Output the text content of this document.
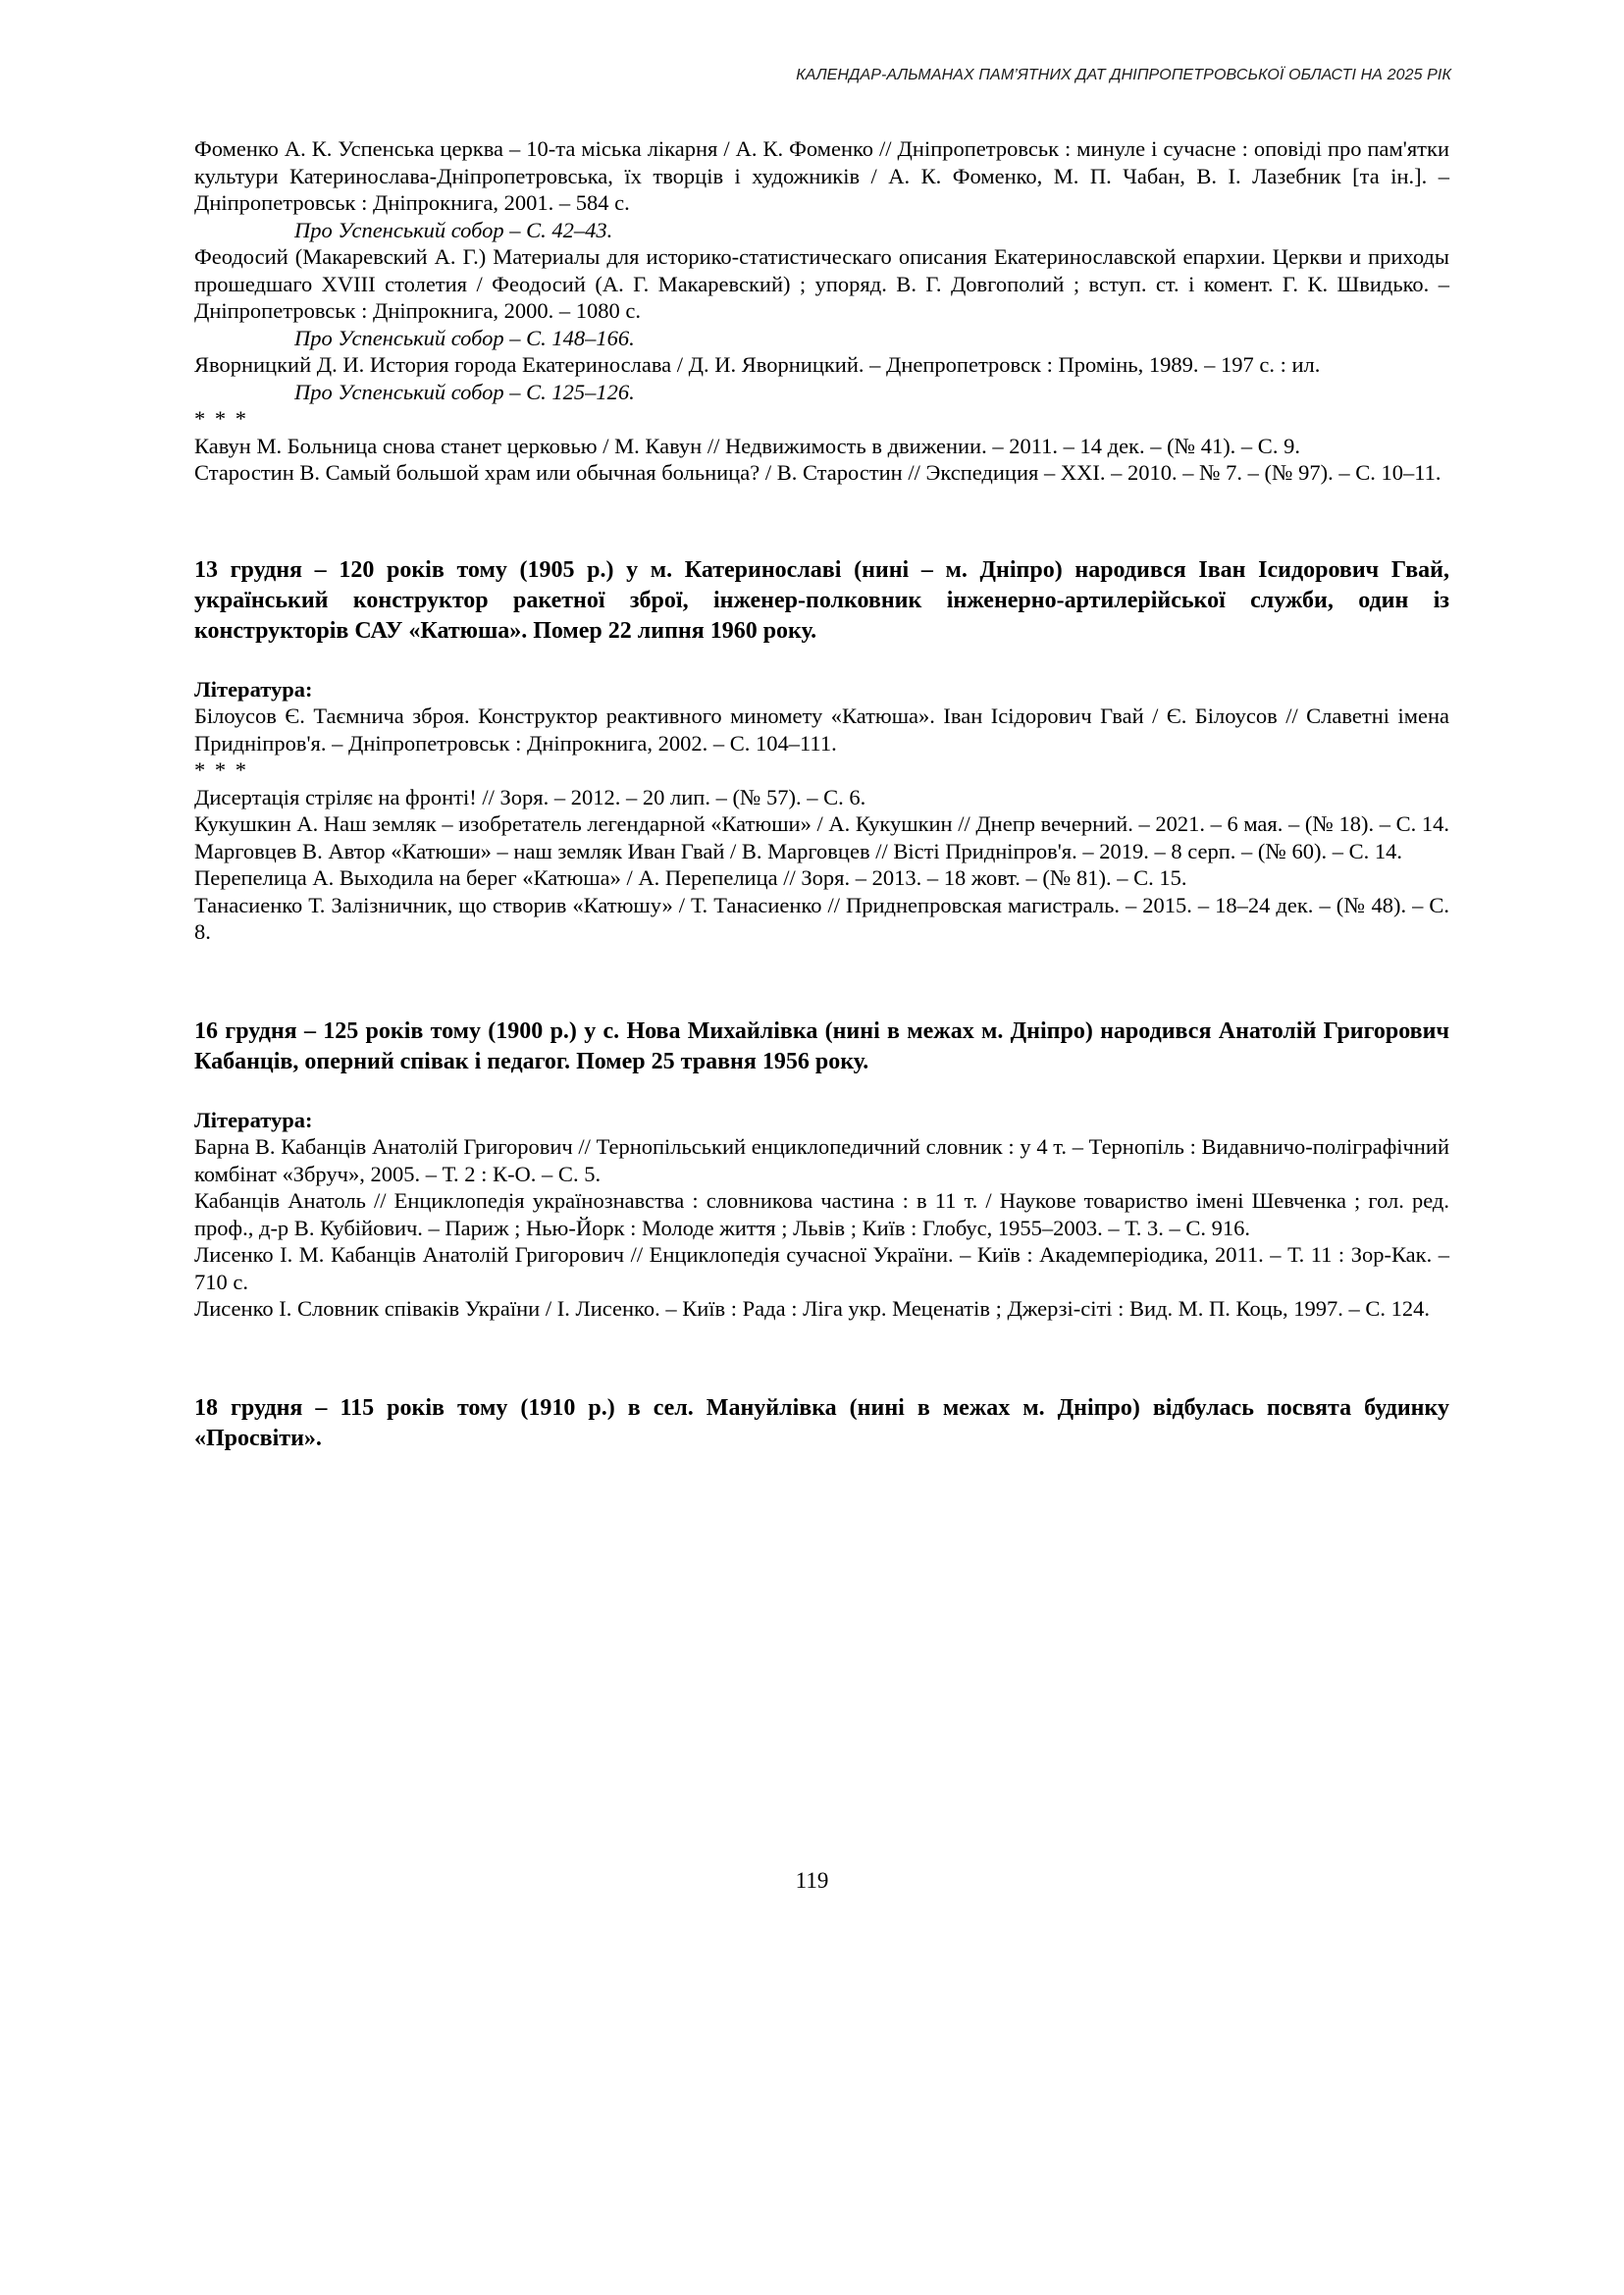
КАЛЕНДАР-АЛЬМАНАХ ПАМ’ЯТНИХ ДАТ ДНІПРОПЕТРОВСЬКОЇ ОБЛАСТІ НА 2025 РІК

Фоменко А. К. Успенська церква – 10-та міська лікарня / А. К. Фоменко // Дніпропетровськ : минуле і сучасне : оповіді про пам'ятки культури Катеринослава-Дніпропетровська, їх творців і художників / А. К. Фоменко, М. П. Чабан, В. І. Лазебник [та ін.]. – Дніпропетровськ : Дніпрокнига, 2001. – 584 с.

Про Успенський собор – С. 42–43.

Феодосий (Макаревский А. Г.) Материалы для историко-статистическаго описания Екатеринославской епархии. Церкви и приходы прошедшаго XVIII столетия / Феодосий (А. Г. Макаревский) ; упоряд. В. Г. Довгополий ; вступ. ст. і комент. Г. К. Швидько. – Дніпропетровськ : Дніпрокнига, 2000. – 1080 с.

Про Успенський собор – С. 148–166.

Яворницкий Д. И. История города Екатеринослава / Д. И. Яворницкий. – Днепропетровск : Промінь, 1989. – 197 с. : ил.

Про Успенський собор – С. 125–126.

* * *

Кавун М. Больница снова станет церковью / М. Кавун // Недвижимость в движении. – 2011. – 14 дек. – (№ 41). – С. 9.

Старостин В. Самый большой храм или обычная больница? / В. Старостин // Экспедиция – XXI. – 2010. – № 7. – (№ 97). – С. 10–11.

13 грудня – 120 років тому (1905 р.) у м. Катеринославі (нині – м. Дніпро) народився Іван Ісидорович Гвай, український конструктор ракетної зброї, інженер-полковник інженерно-артилерійської служби, один із конструкторів САУ «Катюша». Помер 22 липня 1960 року.

Література:

Білоусов Є. Таємнича зброя. Конструктор реактивного миномету «Катюша». Іван Ісідорович Гвай / Є. Білоусов // Славетні імена Придніпров'я. – Дніпропетровськ : Дніпрокнига, 2002. – С. 104–111.

* * *

Дисертація стріляє на фронті! // Зоря. – 2012. – 20 лип. – (№ 57). – С. 6.

Кукушкин А. Наш земляк – изобретатель легендарной «Катюши» / А. Кукушкин // Днепр вечерний. – 2021. – 6 мая. – (№ 18). – С. 14.

Марговцев В. Автор «Катюши» – наш земляк Иван Гвай / В. Марговцев // Вісті Придніпров'я. – 2019. – 8 серп. – (№ 60). – С. 14.

Перепелица А. Выходила на берег «Катюша» / А. Перепелица // Зоря. – 2013. – 18 жовт. – (№ 81). – С. 15.

Танасиенко Т. Залізничник, що створив «Катюшу» / Т. Танасиенко // Приднепровская магистраль. – 2015. – 18–24 дек. – (№ 48). – С. 8.

16 грудня – 125 років тому (1900 р.) у с. Нова Михайлівка (нині в межах м. Дніпро) народився Анатолій Григорович Кабанців, оперний співак і педагог. Помер 25 травня 1956 року.

Література:

Барна В. Кабанців Анатолій Григорович // Тернопільський енциклопедичний словник : у 4 т. – Тернопіль : Видавничо-поліграфічний комбінат «Збруч», 2005. – Т. 2 : К-О. – С. 5.

Кабанців Анатоль // Енциклопедія українознавства : словникова частина : в 11 т. / Наукове товариство імені Шевченка ; гол. ред. проф., д-р В. Кубійович. – Париж ; Нью-Йорк : Молоде життя ; Львів ; Київ : Глобус, 1955–2003. – Т. 3. – С. 916.

Лисенко І. М. Кабанців Анатолій Григорович // Енциклопедія сучасної України. – Київ : Академперіодика, 2011. – Т. 11 : Зор-Как. – 710 с.

Лисенко І. Словник співаків України / І. Лисенко. – Київ : Рада : Ліга укр. Меценатів ; Джерзі-сіті : Вид. М. П. Коць, 1997. – С. 124.

18 грудня – 115 років тому (1910 р.) в сел. Мануйлівка (нині в межах м. Дніпро) відбулась посвята будинку «Просвіти».

119
